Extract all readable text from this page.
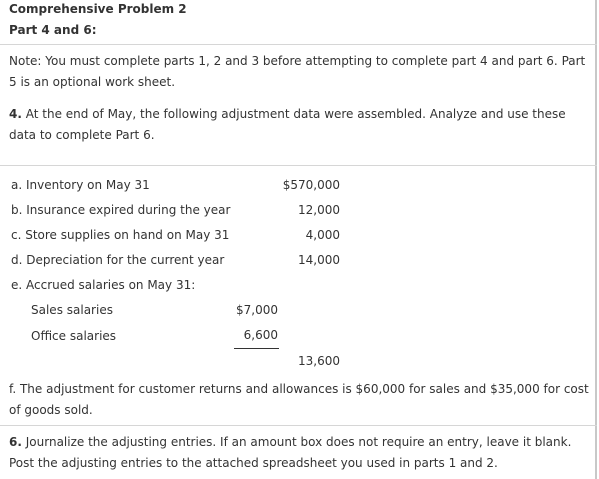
Comprehensive Problem 2
Part 4 and 6:
Note: You must complete parts 1, 2 and 3 before attempting to complete part 4 and part 6. Part 5 is an optional work sheet.
4. At the end of May, the following adjustment data were assembled. Analyze and use these data to complete Part 6.
a. Inventory on May 31	$570,000
b. Insurance expired during the year	12,000
c. Store supplies on hand on May 31	4,000
d. Depreciation for the current year	14,000
e. Accrued salaries on May 31:
Sales salaries	$7,000
Office salaries	6,600
13,600
f. The adjustment for customer returns and allowances is $60,000 for sales and $35,000 for cost of goods sold.
6. Journalize the adjusting entries. If an amount box does not require an entry, leave it blank. Post the adjusting entries to the attached spreadsheet you used in parts 1 and 2.
